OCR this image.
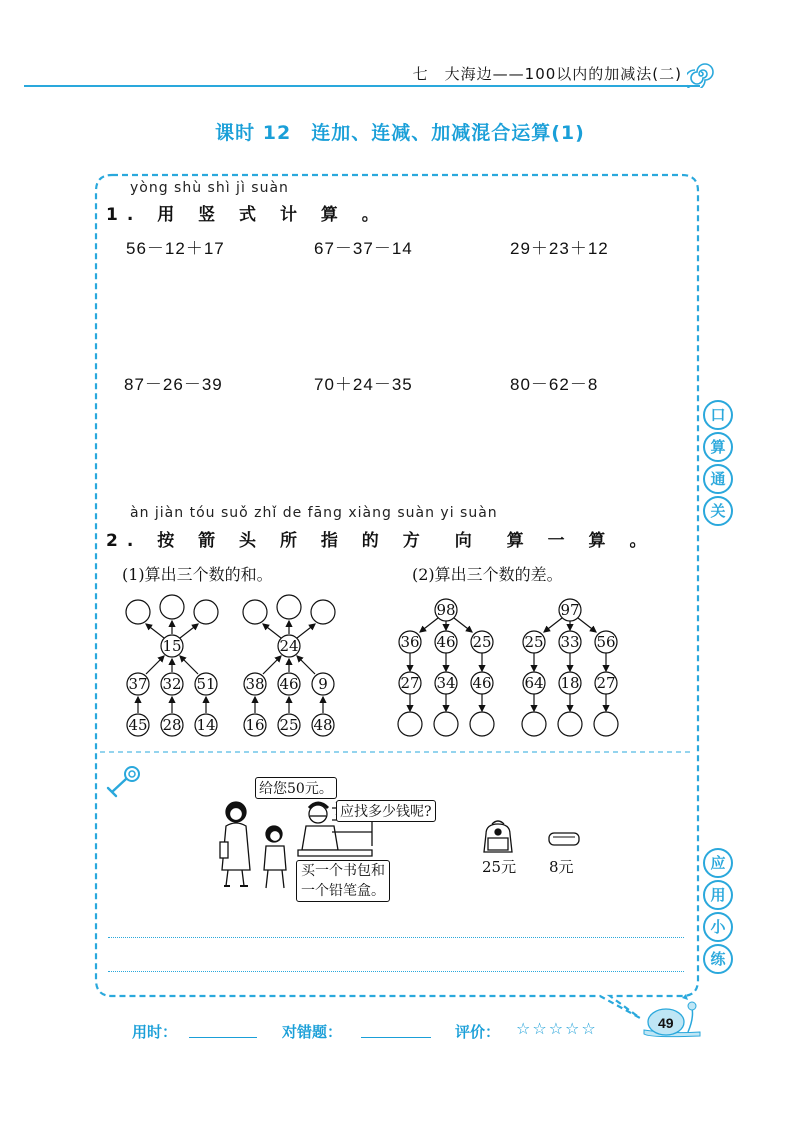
七　大海边——100以内的加减法(二)
课时 12　连加、连减、加减混合运算(1)
口
算
通
关
应
用
小
练
yòng shù shì jì suàn
1. 用 竖 式 计 算 。
56－12＋17	67－37－14	29＋23＋12
87－26－39	70＋24－35	80－62－8
àn jiàn tóu suǒ zhǐ de fāng xiàng suàn yi suàn
2. 按 箭 头 所 指 的 方　向　算 一 算 。
(1)算出三个数的和。	(2)算出三个数的差。
15
37 32 51
45 28 14
24
38 46 9
16 25 48
98
36 46 25
27 34 46
97
25 33 56
64 18 27
给您50元。
应找多少钱呢?
买一个书包和
一个铅笔盒。
25元 8元
用时：	对错题：	评价： ☆☆☆☆☆	49
